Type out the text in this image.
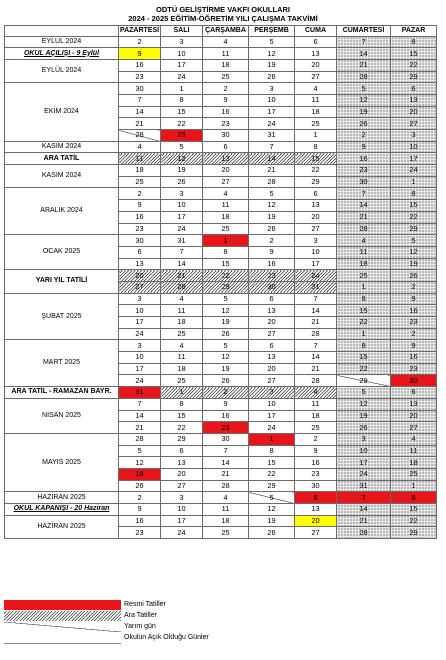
ODTÜ GELİŞTİRME VAKFI OKULLARI
2024 - 2025 EĞİTİM-ÖĞRETİM YILI ÇALIŞMA TAKVİMİ
	PAZARTESİ	SALI	ÇARŞAMBA	PERŞEMB	CUMA	CUMARTESİ	PAZAR
EYLÜL 2024	2	3	4	5	6	7	8
OKUL AÇILIŞI - 9 Eylül	9	10	11	12	13	14	15
EYLÜL 2024	16	17	18	19	20	21	22
	23	24	25	26	27	28	29
EKİM 2024	30	1	2	3	4	5	6
	7	8	9	10	11	12	13
	14	15	16	17	18	19	20
	21	22	23	24	25	26	27
	28	29	30	31	1	2	3
KASIM 2024	4	5	6	7	8	9	10
ARA TATİL	11	12	13	14	15	16	17
KASIM 2024	18	19	20	21	22	23	24
	25	26	27	28	29	30	1
ARALIK 2024	2	3	4	5	6	7	8
	9	10	11	12	13	14	15
	16	17	18	19	20	21	22
	23	24	25	26	27	28	29
OCAK 2025	30	31	1	2	3	4	5
	6	7	8	9	10	11	12
	13	14	15	16	17	18	19
YARI YIL TATİLİ	20	21	22	23	24	25	26
	27	28	29	30	31	1	2
ŞUBAT 2025	3	4	5	6	7	8	9
	10	11	12	13	14	15	16
	17	18	19	20	21	22	23
	24	25	26	27	28	1	2
MART 2025	3	4	5	6	7	8	9
	10	11	12	13	14	15	16
	17	18	19	20	21	22	23
	24	25	26	27	28	29	30
ARA TATİL - RAMAZAN BAYR.	31	1	2	3	4	5	6
NİSAN 2025	7	8	9	10	11	12	13
	14	15	16	17	18	19	20
	21	22	23	24	25	26	27
MAYIS 2025	28	29	30	1	2	3	4
	5	6	7	8	9	10	11
	12	13	14	15	16	17	18
	19	20	21	22	23	24	25
	26	27	28	29	30	31	1
HAZİRAN 2025	2	3	4	5	6	7	8
OKUL KAPANIŞI - 20 Haziran	9	10	11	12	13	14	15
HAZİRAN 2025	16	17	18	19	20	21	22
	23	24	25	26	27	28	29
Resmi Tatiller
Ara Tatiller
Yarım gün
Okulun Açık Olduğu Günler
